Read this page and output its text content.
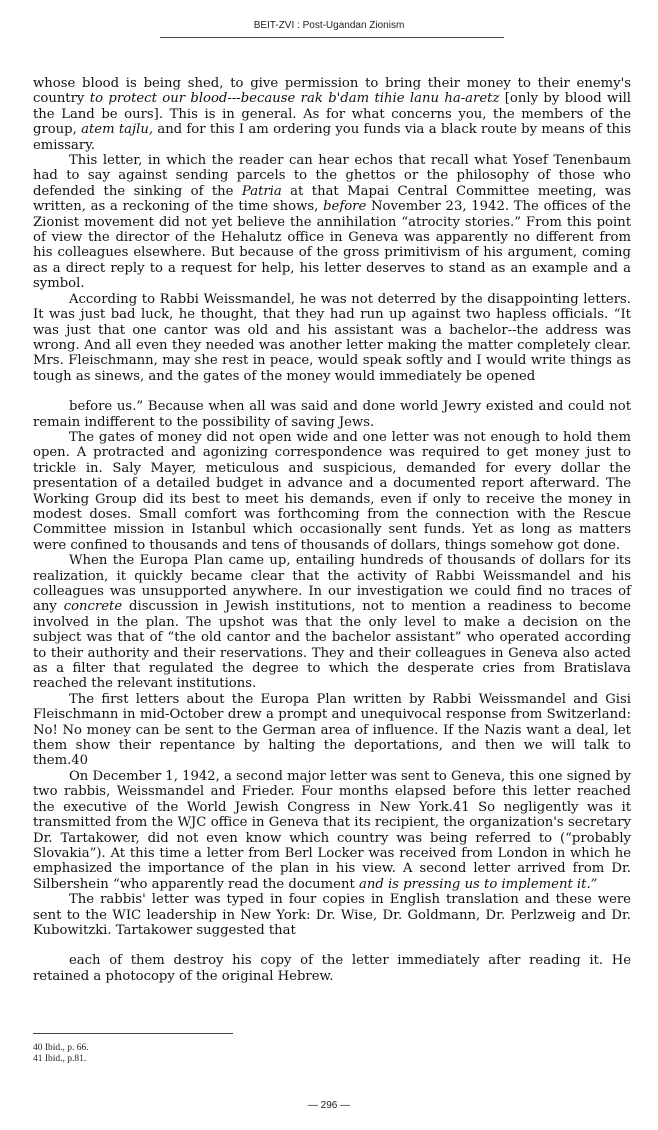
BEIT-ZVI : Post-Ugandan Zionism

whose blood is being shed, to give permission to bring their money to their enemy's country to protect our blood---because rak b'dam tihie lanu ha-aretz [only by blood will the Land be ours]. This is in general. As for what concerns you, the members of the group, atem tajlu, and for this I am ordering you funds via a black route by means of this emissary.

This letter, in which the reader can hear echos that recall what Yosef Tenenbaum had to say against sending parcels to the ghettos or the philosophy of those who defended the sinking of the Patria at that Mapai Central Committee meeting, was written, as a reckoning of the time shows, before November 23, 1942. The offices of the Zionist movement did not yet believe the annihilation “atrocity stories.” From this point of view the director of the Hehalutz office in Geneva was apparently no different from his colleagues elsewhere. But because of the gross primitivism of his argument, coming as a direct reply to a request for help, his letter deserves to stand as an example and a symbol.

According to Rabbi Weissmandel, he was not deterred by the disappointing letters. It was just bad luck, he thought, that they had run up against two hapless officials. “It was just that one cantor was old and his assistant was a bachelor--the address was wrong. And all even they needed was another letter making the matter completely clear. Mrs. Fleischmann, may she rest in peace, would speak softly and I would write things as tough as sinews, and the gates of the money would immediately be opened

before us.” Because when all was said and done world Jewry existed and could not remain indifferent to the possibility of saving Jews.

The gates of money did not open wide and one letter was not enough to hold them open. A protracted and agonizing correspondence was required to get money just to trickle in. Saly Mayer, meticulous and suspicious, demanded for every dollar the presentation of a detailed budget in advance and a documented report afterward. The Working Group did its best to meet his demands, even if only to receive the money in modest doses. Small comfort was forthcoming from the connection with the Rescue Committee mission in Istanbul which occasionally sent funds. Yet as long as matters were confined to thousands and tens of thousands of dollars, things somehow got done.

When the Europa Plan came up, entailing hundreds of thousands of dollars for its realization, it quickly became clear that the activity of Rabbi Weissmandel and his colleagues was unsupported anywhere. In our investigation we could find no traces of any concrete discussion in Jewish institutions, not to mention a readiness to become involved in the plan. The upshot was that the only level to make a decision on the subject was that of “the old cantor and the bachelor assistant” who operated according to their authority and their reservations. They and their colleagues in Geneva also acted as a filter that regulated the degree to which the desperate cries from Bratislava reached the relevant institutions.

The first letters about the Europa Plan written by Rabbi Weissmandel and Gisi Fleischmann in mid-October drew a prompt and unequivocal response from Switzerland: No! No money can be sent to the German area of influence. If the Nazis want a deal, let them show their repentance by halting the deportations, and then we will talk to them.40

On December 1, 1942, a second major letter was sent to Geneva, this one signed by two rabbis, Weissmandel and Frieder. Four months elapsed before this letter reached the executive of the World Jewish Congress in New York.41 So negligently was it transmitted from the WJC office in Geneva that its recipient, the organization's secretary Dr. Tartakower, did not even know which country was being referred to (“probably Slovakia”). At this time a letter from Berl Locker was received from London in which he emphasized the importance of the plan in his view. A second letter arrived from Dr. Silbershein “who apparently read the document and is pressing us to implement it.”

The rabbis' letter was typed in four copies in English translation and these were sent to the WIC leadership in New York: Dr. Wise, Dr. Goldmann, Dr. Perlzweig and Dr. Kubowitzki. Tartakower suggested that

each of them destroy his copy of the letter immediately after reading it. He retained a photocopy of the original Hebrew.

40 Ibid., p. 66.
41 Ibid., p.81.
— 296 —
